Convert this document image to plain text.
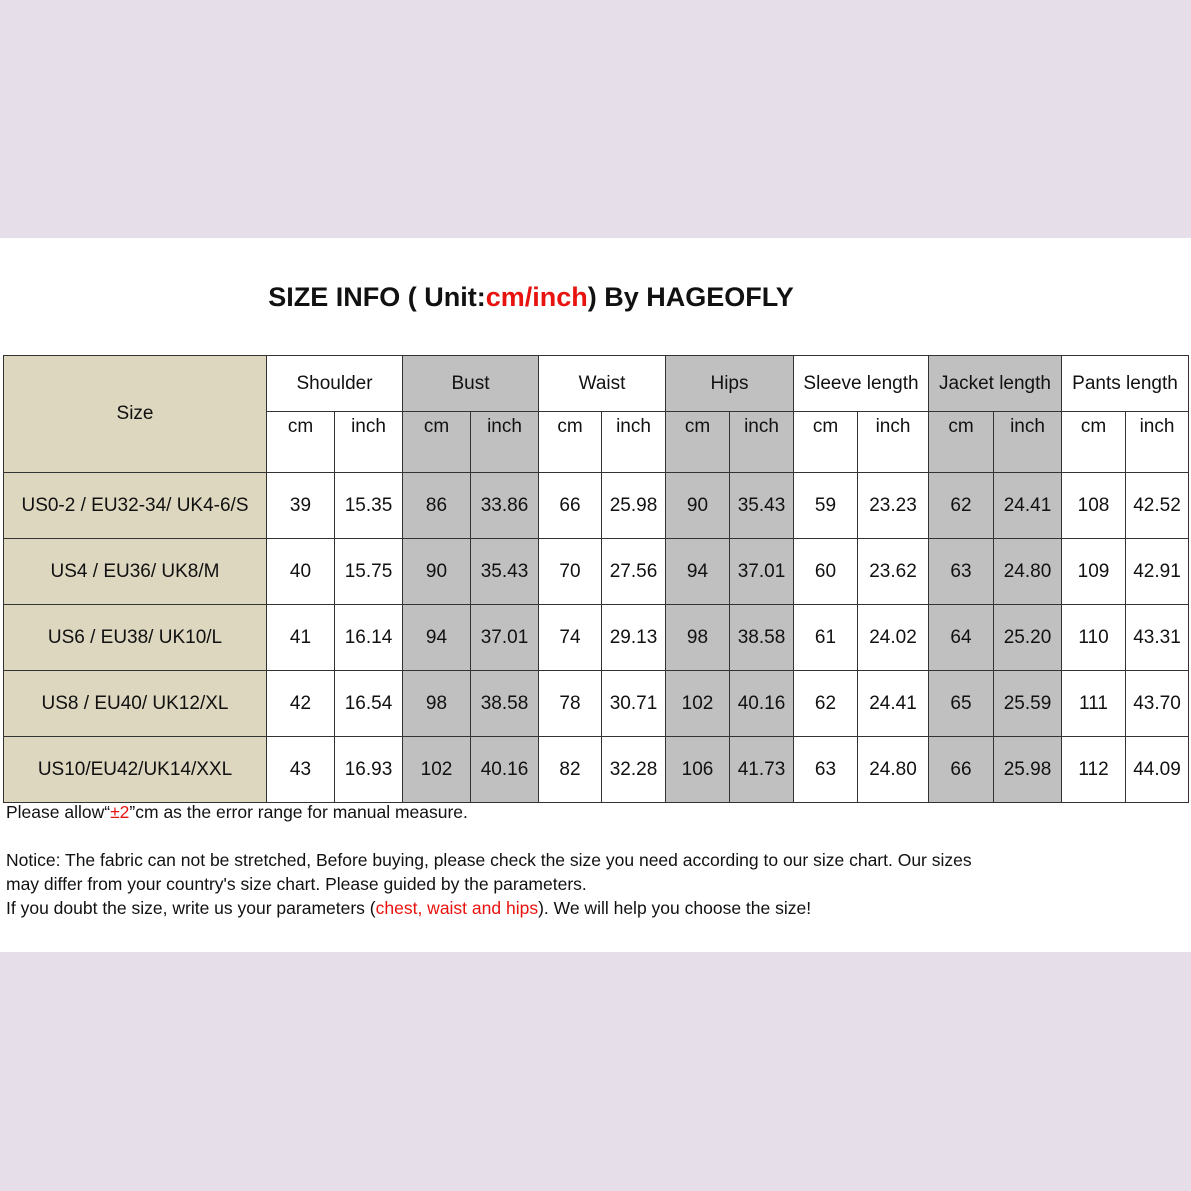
SIZE INFO ( Unit:cm/inch) By HAGEOFLY
Size	Shoulder		Bust		Waist		Hips		Sleeve length		Jacket length		Pants length	
	cm	inch	cm	inch	cm	inch	cm	inch	cm	inch	cm	inch	cm	inch
US0-2 / EU32-34/ UK4-6/S	39	15.35	86	33.86	66	25.98	90	35.43	59	23.23	62	24.41	108	42.52
US4 / EU36/ UK8/M	40	15.75	90	35.43	70	27.56	94	37.01	60	23.62	63	24.80	109	42.91
US6 / EU38/ UK10/L	41	16.14	94	37.01	74	29.13	98	38.58	61	24.02	64	25.20	110	43.31
US8 / EU40/ UK12/XL	42	16.54	98	38.58	78	30.71	102	40.16	62	24.41	65	25.59	111	43.70
US10/EU42/UK14/XXL	43	16.93	102	40.16	82	32.28	106	41.73	63	24.80	66	25.98	112	44.09

Please allow“±2”cm as the error range for manual measure.

Notice: The fabric can not be stretched, Before buying, please check the size you need according to our size chart. Our sizes

may differ from your country's size chart. Please guided by the parameters.

If you doubt the size, write us your parameters (chest, waist and hips). We will help you choose the size!
